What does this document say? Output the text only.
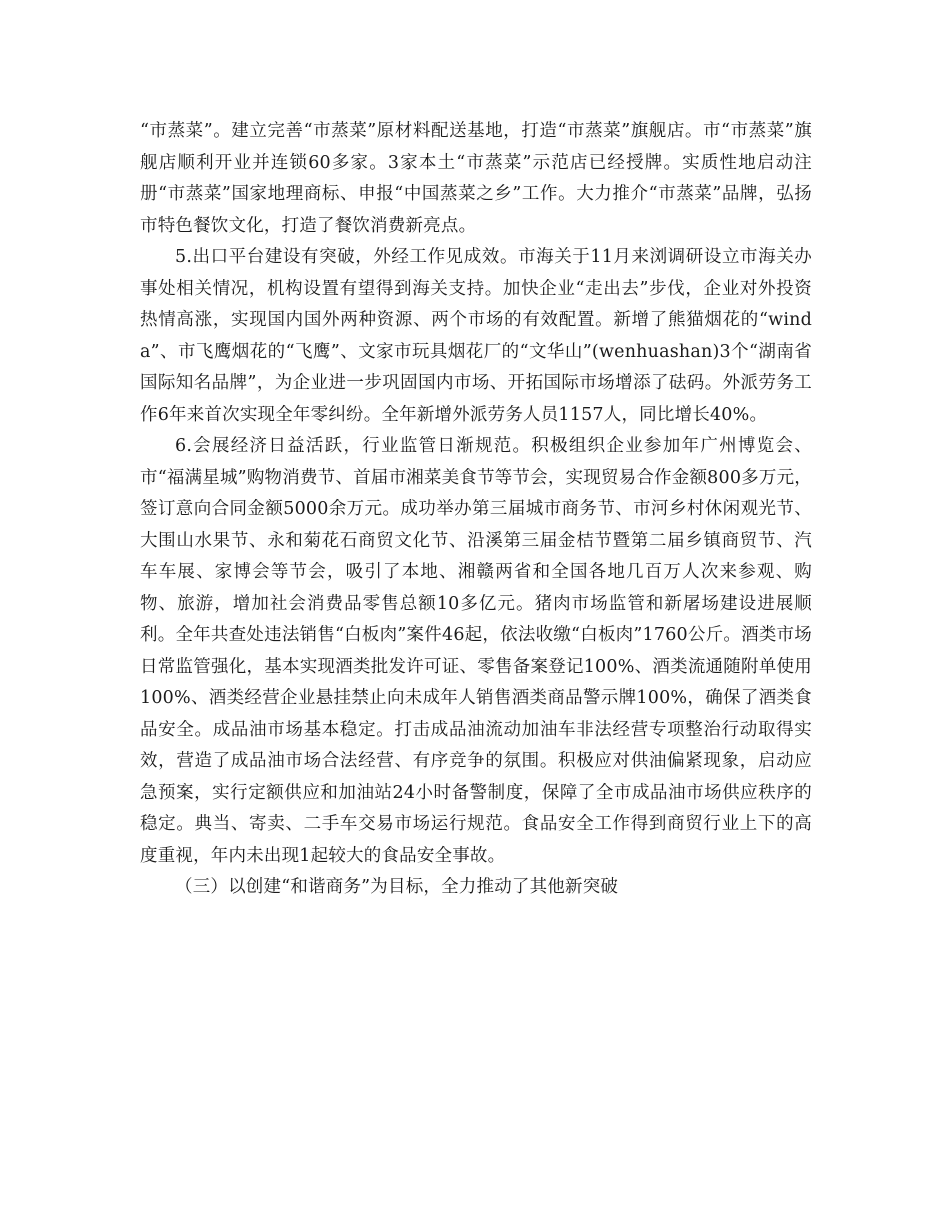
“市蒸菜”。建立完善“市蒸菜”原材料配送基地，打造“市蒸菜”旗舰店。市“市蒸菜”旗舰店顺利开业并连锁60多家。3家本土“市蒸菜”示范店已经授牌。实质性地启动注册“市蒸菜”国家地理商标、申报“中国蒸菜之乡”工作。大力推介“市蒸菜”品牌，弘扬市特色餐饮文化，打造了餐饮消费新亮点。

5.出口平台建设有突破，外经工作见成效。市海关于11月来浏调研设立市海关办事处相关情况，机构设置有望得到海关支持。加快企业“走出去”步伐，企业对外投资热情高涨，实现国内国外两种资源、两个市场的有效配置。新增了熊猫烟花的“winda”、市飞鹰烟花的“飞鹰”、文家市玩具烟花厂的“文华山”(wenhuashan)3个“湖南省国际知名品牌”，为企业进一步巩固国内市场、开拓国际市场增添了砝码。外派劳务工作6年来首次实现全年零纠纷。全年新增外派劳务人员1157人，同比增长40%。

6.会展经济日益活跃，行业监管日渐规范。积极组织企业参加年广州博览会、市“福满星城”购物消费节、首届市湘菜美食节等节会，实现贸易合作金额800多万元，签订意向合同金额5000余万元。成功举办第三届城市商务节、市河乡村休闲观光节、大围山水果节、永和菊花石商贸文化节、沿溪第三届金桔节暨第二届乡镇商贸节、汽车车展、家博会等节会，吸引了本地、湘赣两省和全国各地几百万人次来参观、购物、旅游，增加社会消费品零售总额10多亿元。猪肉市场监管和新屠场建设进展顺利。全年共查处违法销售“白板肉”案件46起，依法收缴“白板肉”1760公斤。酒类市场日常监管强化，基本实现酒类批发许可证、零售备案登记100%、酒类流通随附单使用100%、酒类经营企业悬挂禁止向未成年人销售酒类商品警示牌100%，确保了酒类食品安全。成品油市场基本稳定。打击成品油流动加油车非法经营专项整治行动取得实效，营造了成品油市场合法经营、有序竞争的氛围。积极应对供油偏紧现象，启动应急预案，实行定额供应和加油站24小时备警制度，保障了全市成品油市场供应秩序的稳定。典当、寄卖、二手车交易市场运行规范。食品安全工作得到商贸行业上下的高度重视，年内未出现1起较大的食品安全事故。

（三）以创建“和谐商务”为目标，全力推动了其他新突破
